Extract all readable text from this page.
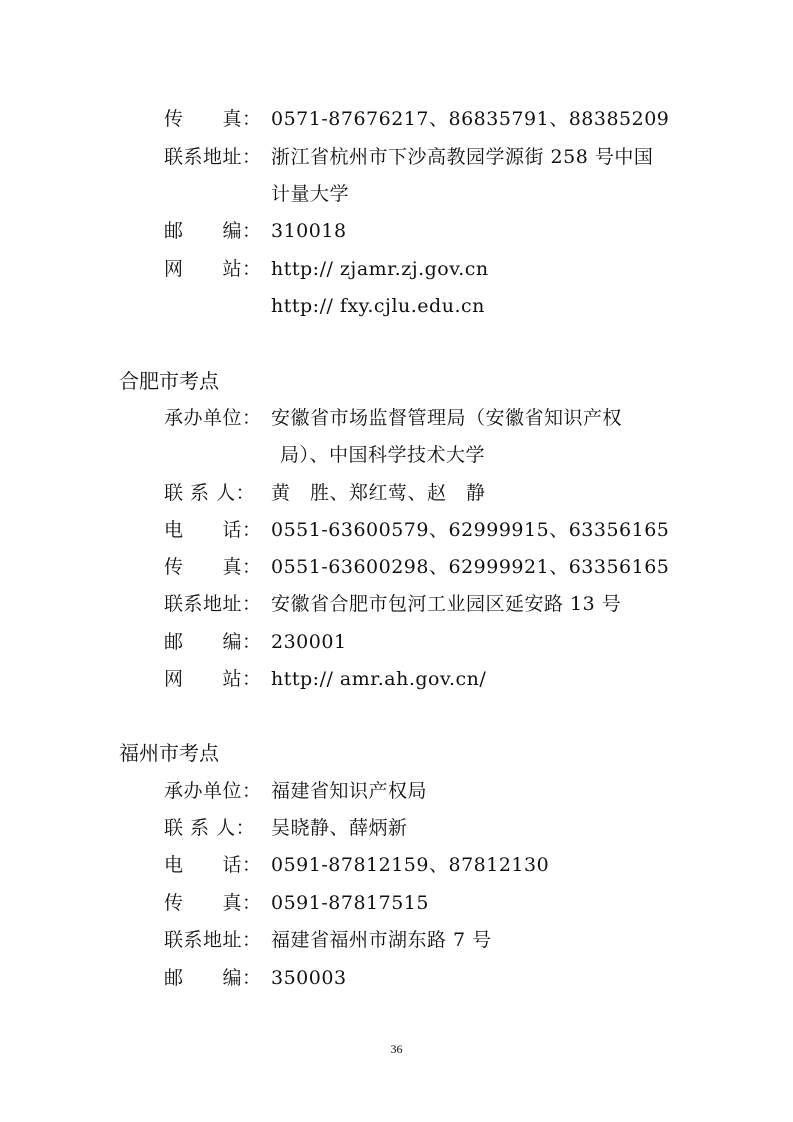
传　　真： 0571-87676217、86835791、88385209
联系地址： 浙江省杭州市下沙高教园学源街 258 号中国
计量大学
邮　　编： 310018
网　　站： http:// zjamr.zj.gov.cn
http:// fxy.cjlu.edu.cn
合肥市考点
承办单位： 安徽省市场监督管理局（安徽省知识产权
局）、中国科学技术大学
联 系 人： 黄　胜、郑红莺、赵　静
电　　话： 0551-63600579、62999915、63356165
传　　真： 0551-63600298、62999921、63356165
联系地址： 安徽省合肥市包河工业园区延安路 13 号
邮　　编： 230001
网　　站： http:// amr.ah.gov.cn/
福州市考点
承办单位： 福建省知识产权局
联 系 人： 吴晓静、薛炳新
电　　话： 0591-87812159、87812130
传　　真： 0591-87817515
联系地址： 福建省福州市湖东路 7 号
邮　　编： 350003
36
